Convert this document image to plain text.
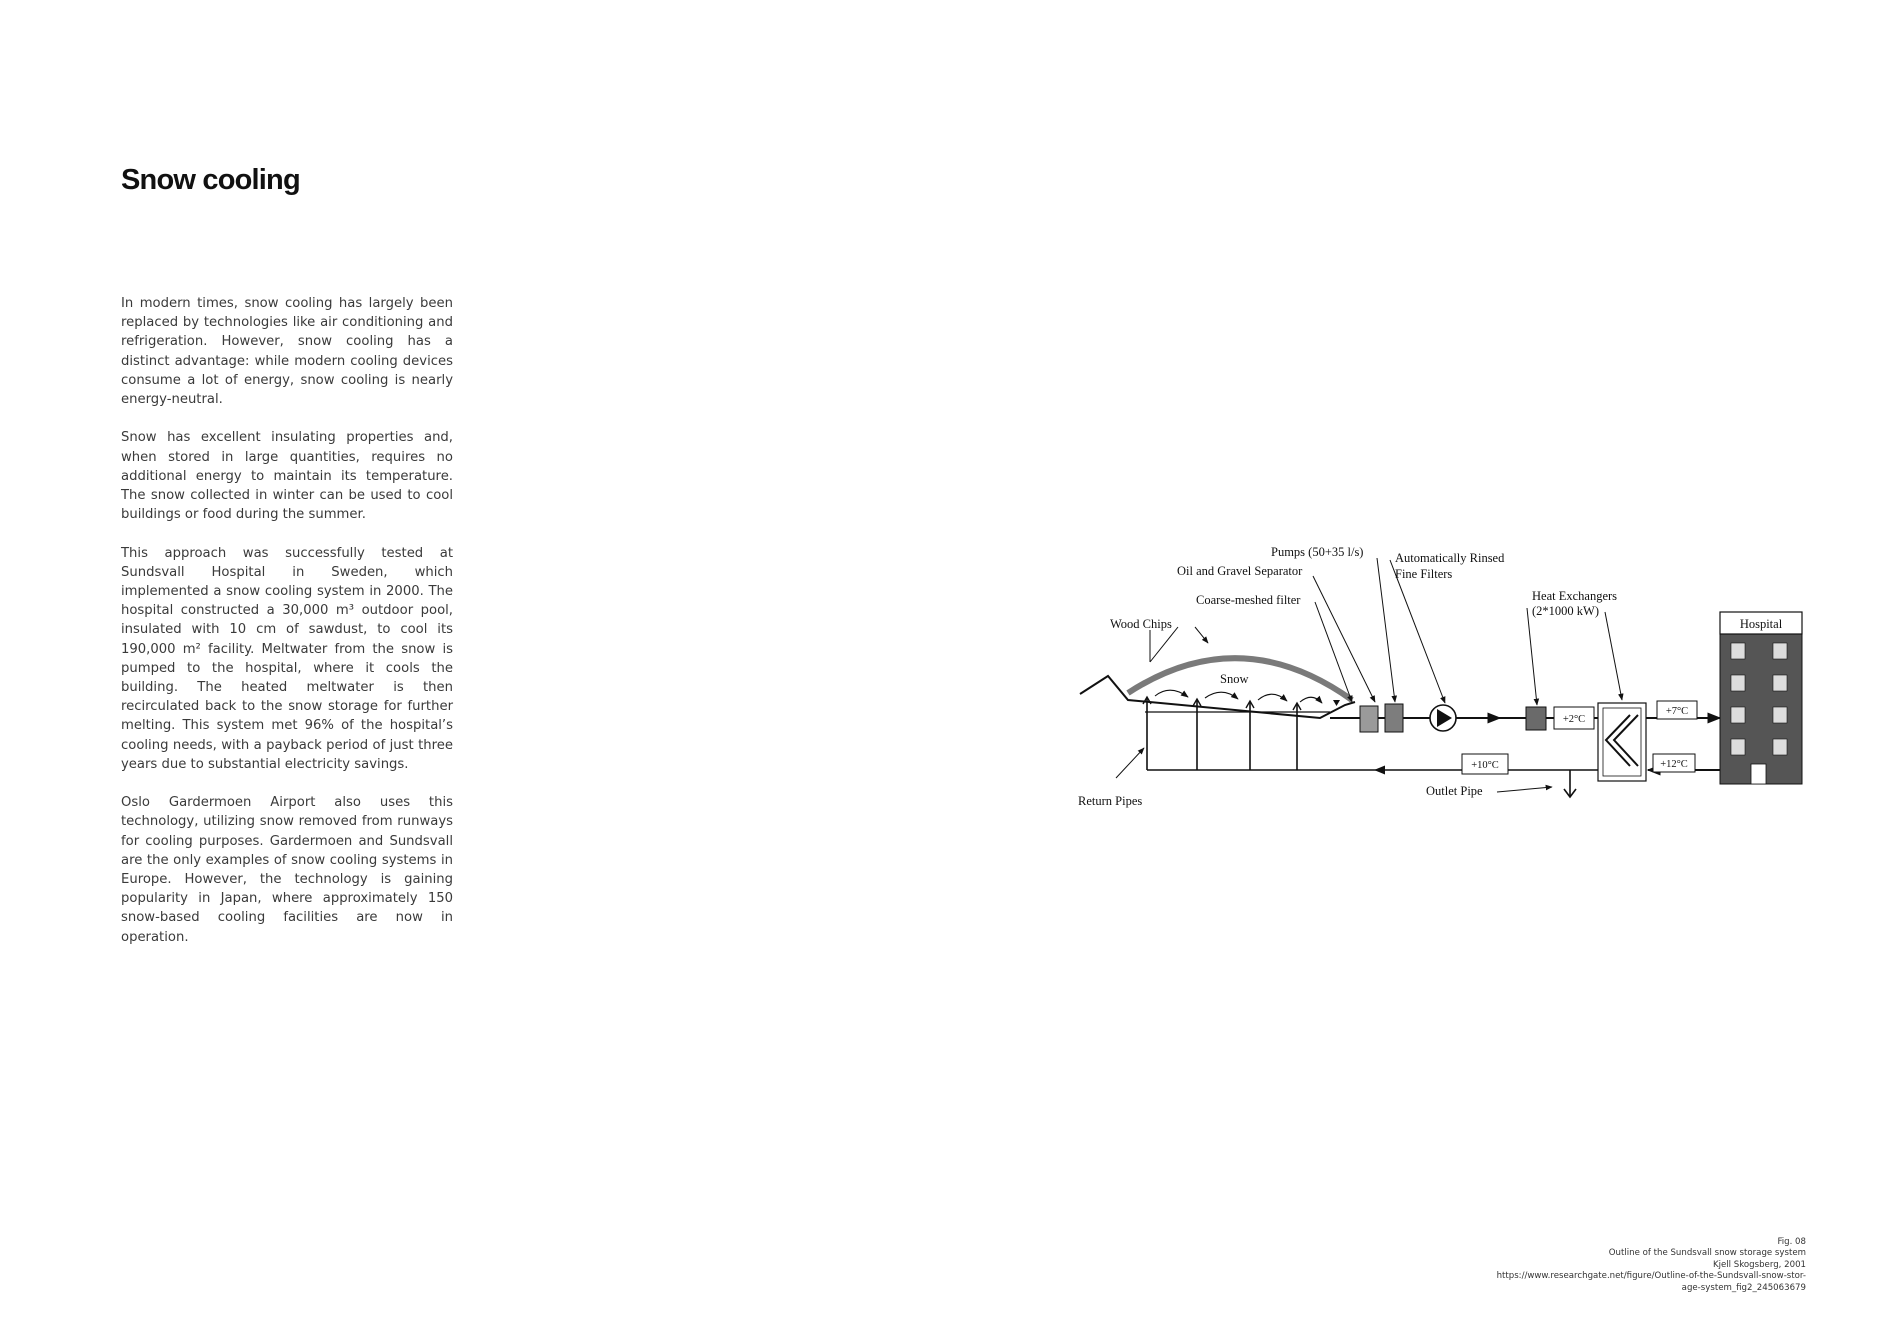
Snow cooling

In modern times, snow cooling has largely been replaced by technologies like air conditioning and refrigeration. However, snow cooling has a distinct advantage: while modern cooling devices consume a lot of energy, snow cooling is nearly energy-neutral.

Snow has excellent insulating properties and, when stored in large quantities, requires no additional energy to maintain its temperature. The snow collected in winter can be used to cool buildings or food during the summer.

This approach was successfully tested at Sundsvall Hospital in Sweden, which implemented a snow cooling system in 2000. The hospital constructed a 30,000 m³ outdoor pool, insulated with 10 cm of sawdust, to cool its 190,000 m² facility. Meltwater from the snow is pumped to the hospital, where it cools the building. The heated meltwater is then recirculated back to the snow storage for further melting. This system met 96% of the hospital’s cooling needs, with a payback period of just three years due to substantial electricity savings.

Oslo Gardermoen Airport also uses this technology, utilizing snow removed from runways for cooling purposes. Gardermoen and Sundsvall are the only examples of snow cooling systems in Europe. However, the technology is gaining popularity in Japan, where approximately 150 snow-based cooling facilities are now in operation.

+2°C
+7°C
+12°C
Hospital
+10°C
Pumps (50+35 l/s)
Oil and Gravel Separator
Automatically Rinsed
Fine Filters
Coarse-meshed filter	Heat Exchangers
(2*1000 kW)
Wood Chips
Snow
Outlet Pipe
Return Pipes
Fig. 08
Outline of the Sundsvall snow storage system
Kjell Skogsberg, 2001
https://www.researchgate.net/figure/Outline-of-the-Sundsvall-snow-stor-
age-system_fig2_245063679
